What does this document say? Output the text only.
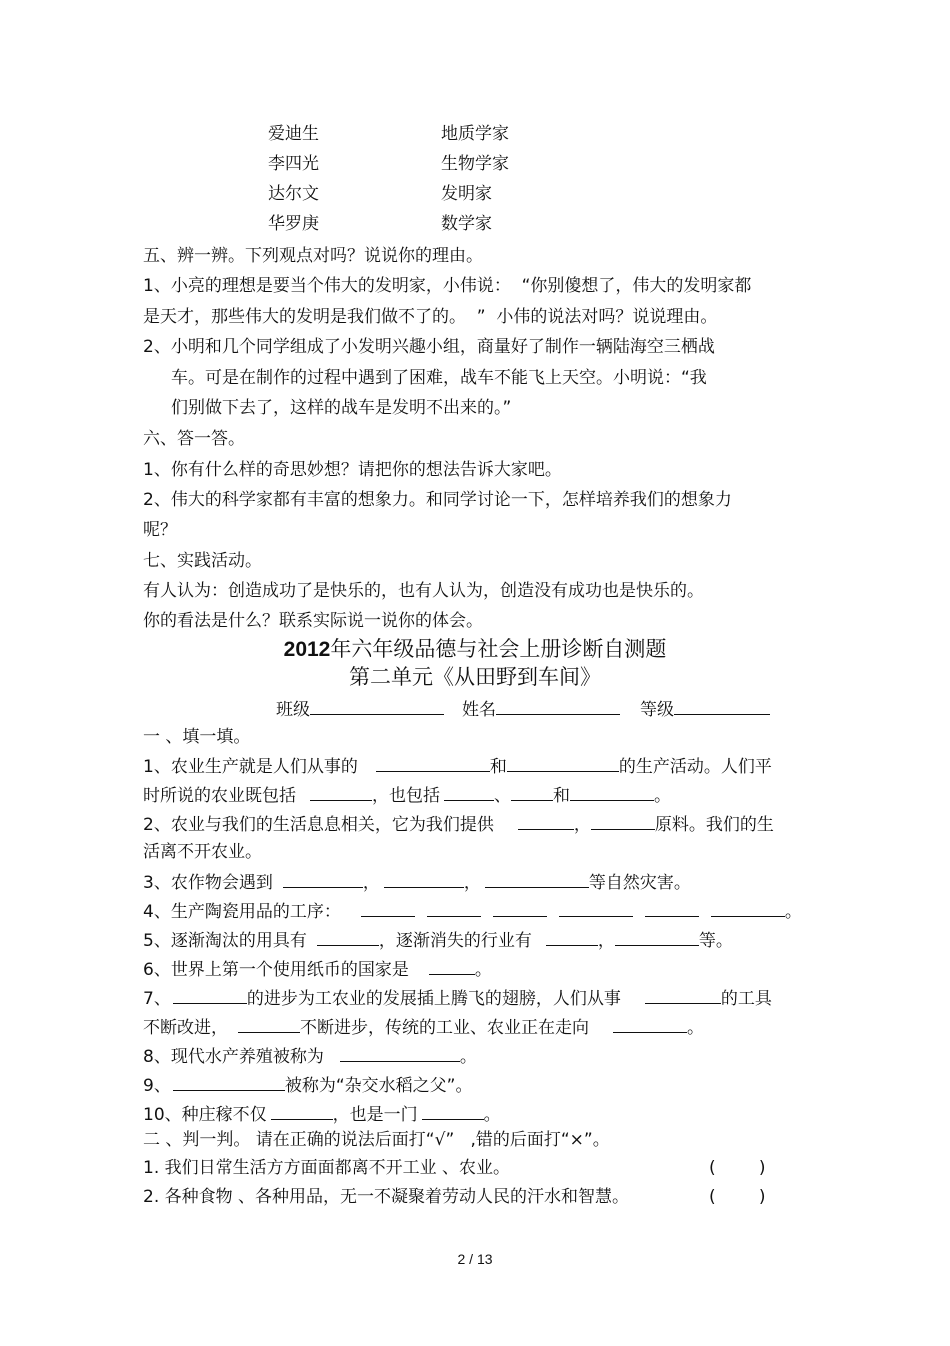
爱迪生	地质学家
李四光	生物学家
达尔文	发明家
华罗庚	数学家
五、辨一辨。下列观点对吗？说说你的理由。
1、小亮的理想是要当个伟大的发明家，小伟说：  “你别傻想了，伟大的发明家都
是天才，那些伟大的发明是我们做不了的。  ”  小伟的说法对吗？说说理由。
2、小明和几个同学组成了小发明兴趣小组，商量好了制作一辆陆海空三栖战
车。可是在制作的过程中遇到了困难，战车不能飞上天空。小明说：“我
们别做下去了，这样的战车是发明不出来的。”
六、答一答。
1、你有什么样的奇思妙想？请把你的想法告诉大家吧。
2、伟大的科学家都有丰富的想象力。和同学讨论一下，怎样培养我们的想象力
呢？
七、实践活动。
有人认为：创造成功了是快乐的，也有人认为，创造没有成功也是快乐的。
你的看法是什么？联系实际说一说你的体会。
2012年六年级品德与社会上册诊断自测题
第二单元《从田野到车间》
班级	姓名	等级
一 、填一填。
1、农业生产就是人们从事的	和	的生产活动。人们平
时所说的农业既包括	，也包括	、 和	。
2、农业与我们的生活息息相关，它为我们提供	，	原料。我们的生
活离不开农业。
3、农作物会遇到	，	，	等自然灾害。
4、生产陶瓷用品的工序：	。
5、逐渐淘汰的用具有	，逐渐消失的行业有	，	等。
6、世界上第一个使用纸币的国家是	。
7、	的进步为工农业的发展插上腾飞的翅膀，人们从事	的工具
不断改进，	不断进步，传统的工业、农业正在走向	。
8、现代水产养殖被称为	。
9、	被称为“杂交水稻之父”。
10、种庄稼不仅	，也是一门	。
二 、判一判。 请在正确的说法后面打“√”   ,错的后面打“×”。
1. 我们日常生活方方面面都离不开工业 、农业。	(        )
2. 各种食物 、各种用品，无一不凝聚着劳动人民的汗水和智慧。	(        )
2 / 13
